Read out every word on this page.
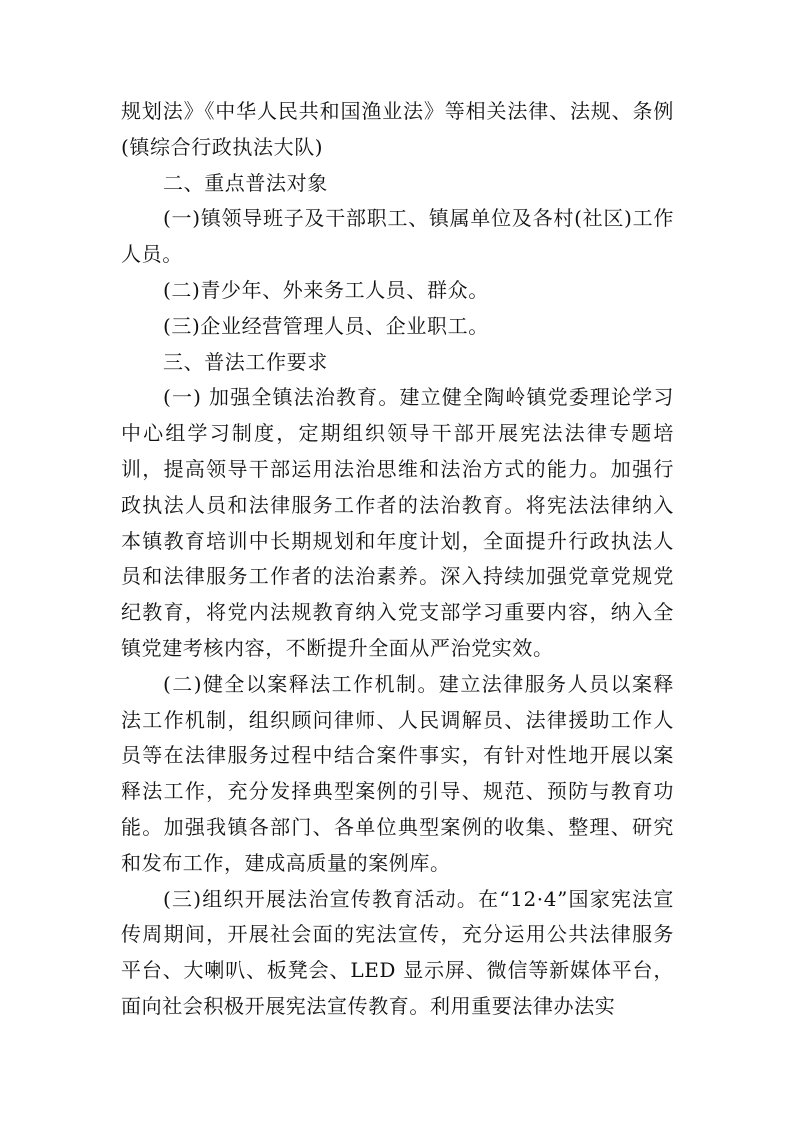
规划法》《中华人民共和国渔业法》等相关法律、法规、条例(镇综合行政执法大队)

二、重点普法对象

(一)镇领导班子及干部职工、镇属单位及各村(社区)工作人员。

(二)青少年、外来务工人员、群众。

(三)企业经营管理人员、企业职工。

三、普法工作要求

(一) 加强全镇法治教育。建立健全陶岭镇党委理论学习中心组学习制度，定期组织领导干部开展宪法法律专题培训，提高领导干部运用法治思维和法治方式的能力。加强行政执法人员和法律服务工作者的法治教育。将宪法法律纳入本镇教育培训中长期规划和年度计划，全面提升行政执法人员和法律服务工作者的法治素养。深入持续加强党章党规党纪教育，将党内法规教育纳入党支部学习重要内容，纳入全镇党建考核内容，不断提升全面从严治党实效。

(二)健全以案释法工作机制。建立法律服务人员以案释法工作机制，组织顾问律师、人民调解员、法律援助工作人员等在法律服务过程中结合案件事实，有针对性地开展以案释法工作，充分发择典型案例的引导、规范、预防与教育功能。加强我镇各部门、各单位典型案例的收集、整理、研究和发布工作，建成高质量的案例库。

(三)组织开展法治宣传教育活动。在“12·4”国家宪法宣传周期间，开展社会面的宪法宣传，充分运用公共法律服务平台、大喇叭、板凳会、LED 显示屏、微信等新媒体平台，面向社会积极开展宪法宣传教育。利用重要法律办法实
